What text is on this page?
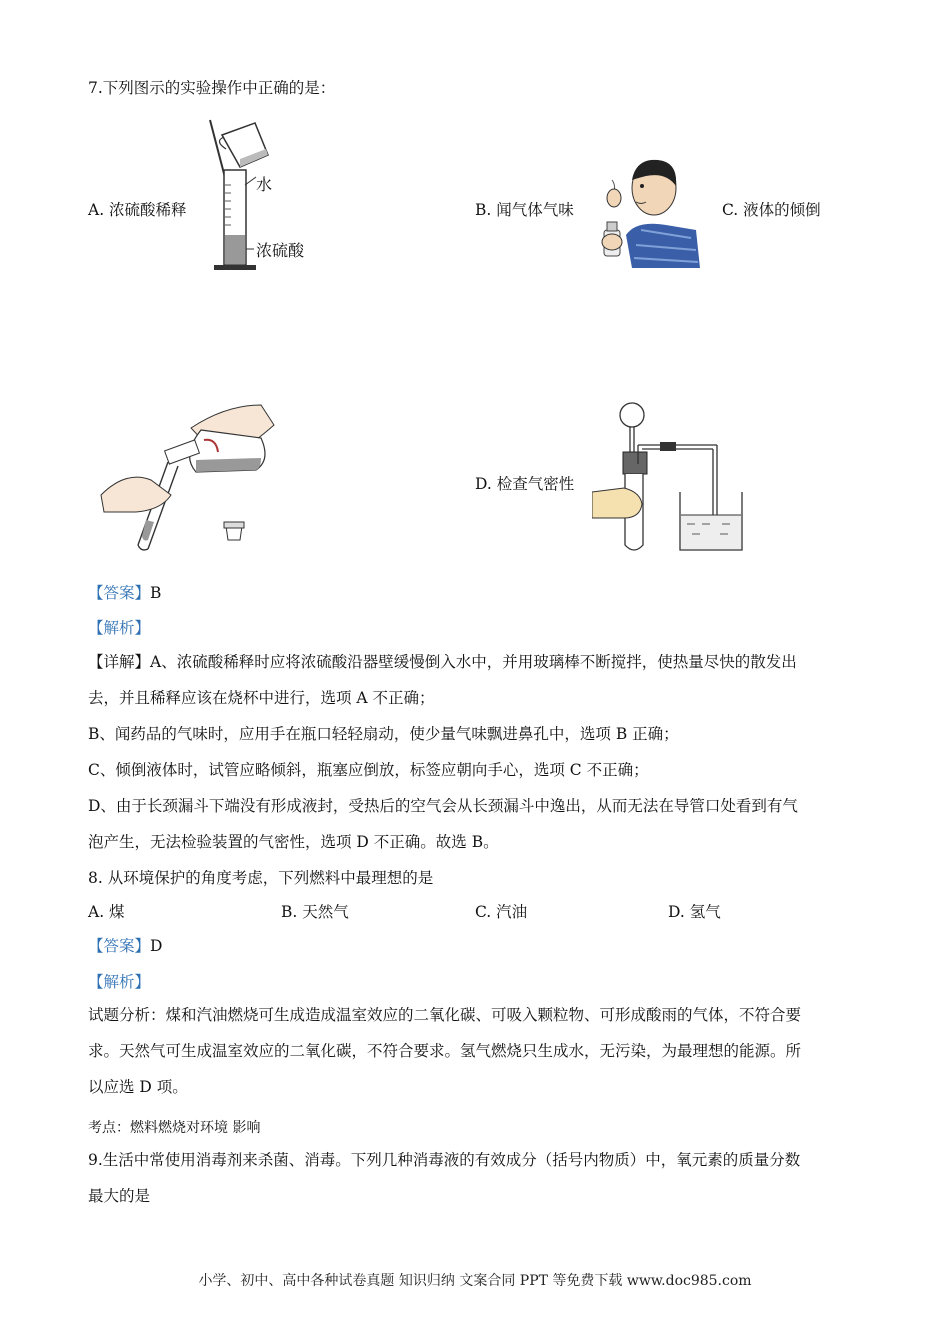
7.下列图示的实验操作中正确的是：
A. 浓硫酸稀释
水
浓硫酸
B. 闻气体气味	C. 液体的倾倒
D. 检查气密性
【答案】B
【解析】
【详解】A、浓硫酸稀释时应将浓硫酸沿器壁缓慢倒入水中，并用玻璃棒不断搅拌，使热量尽快的散发出
去，并且稀释应该在烧杯中进行，选项 A 不正确；
B、闻药品的气味时，应用手在瓶口轻轻扇动，使少量气味飘进鼻孔中，选项 B 正确；
C、倾倒液体时，试管应略倾斜，瓶塞应倒放，标签应朝向手心，选项 C 不正确；
D、由于长颈漏斗下端没有形成液封，受热后的空气会从长颈漏斗中逸出，从而无法在导管口处看到有气
泡产生，无法检验装置的气密性，选项 D 不正确。故选 B。
8. 从环境保护的角度考虑，下列燃料中最理想的是
A. 煤	B. 天然气	C. 汽油	D. 氢气
【答案】D
【解析】
试题分析：煤和汽油燃烧可生成造成温室效应的二氧化碳、可吸入颗粒物、可形成酸雨的气体，不符合要
求。天然气可生成温室效应的二氧化碳，不符合要求。氢气燃烧只生成水，无污染，为最理想的能源。所
以应选 D 项。
考点：燃料燃烧对环境 影响
9.生活中常使用消毒剂来杀菌、消毒。下列几种消毒液的有效成分（括号内物质）中，氧元素的质量分数
最大的是
小学、初中、高中各种试卷真题 知识归纳 文案合同 PPT 等免费下载 www.doc985.com
